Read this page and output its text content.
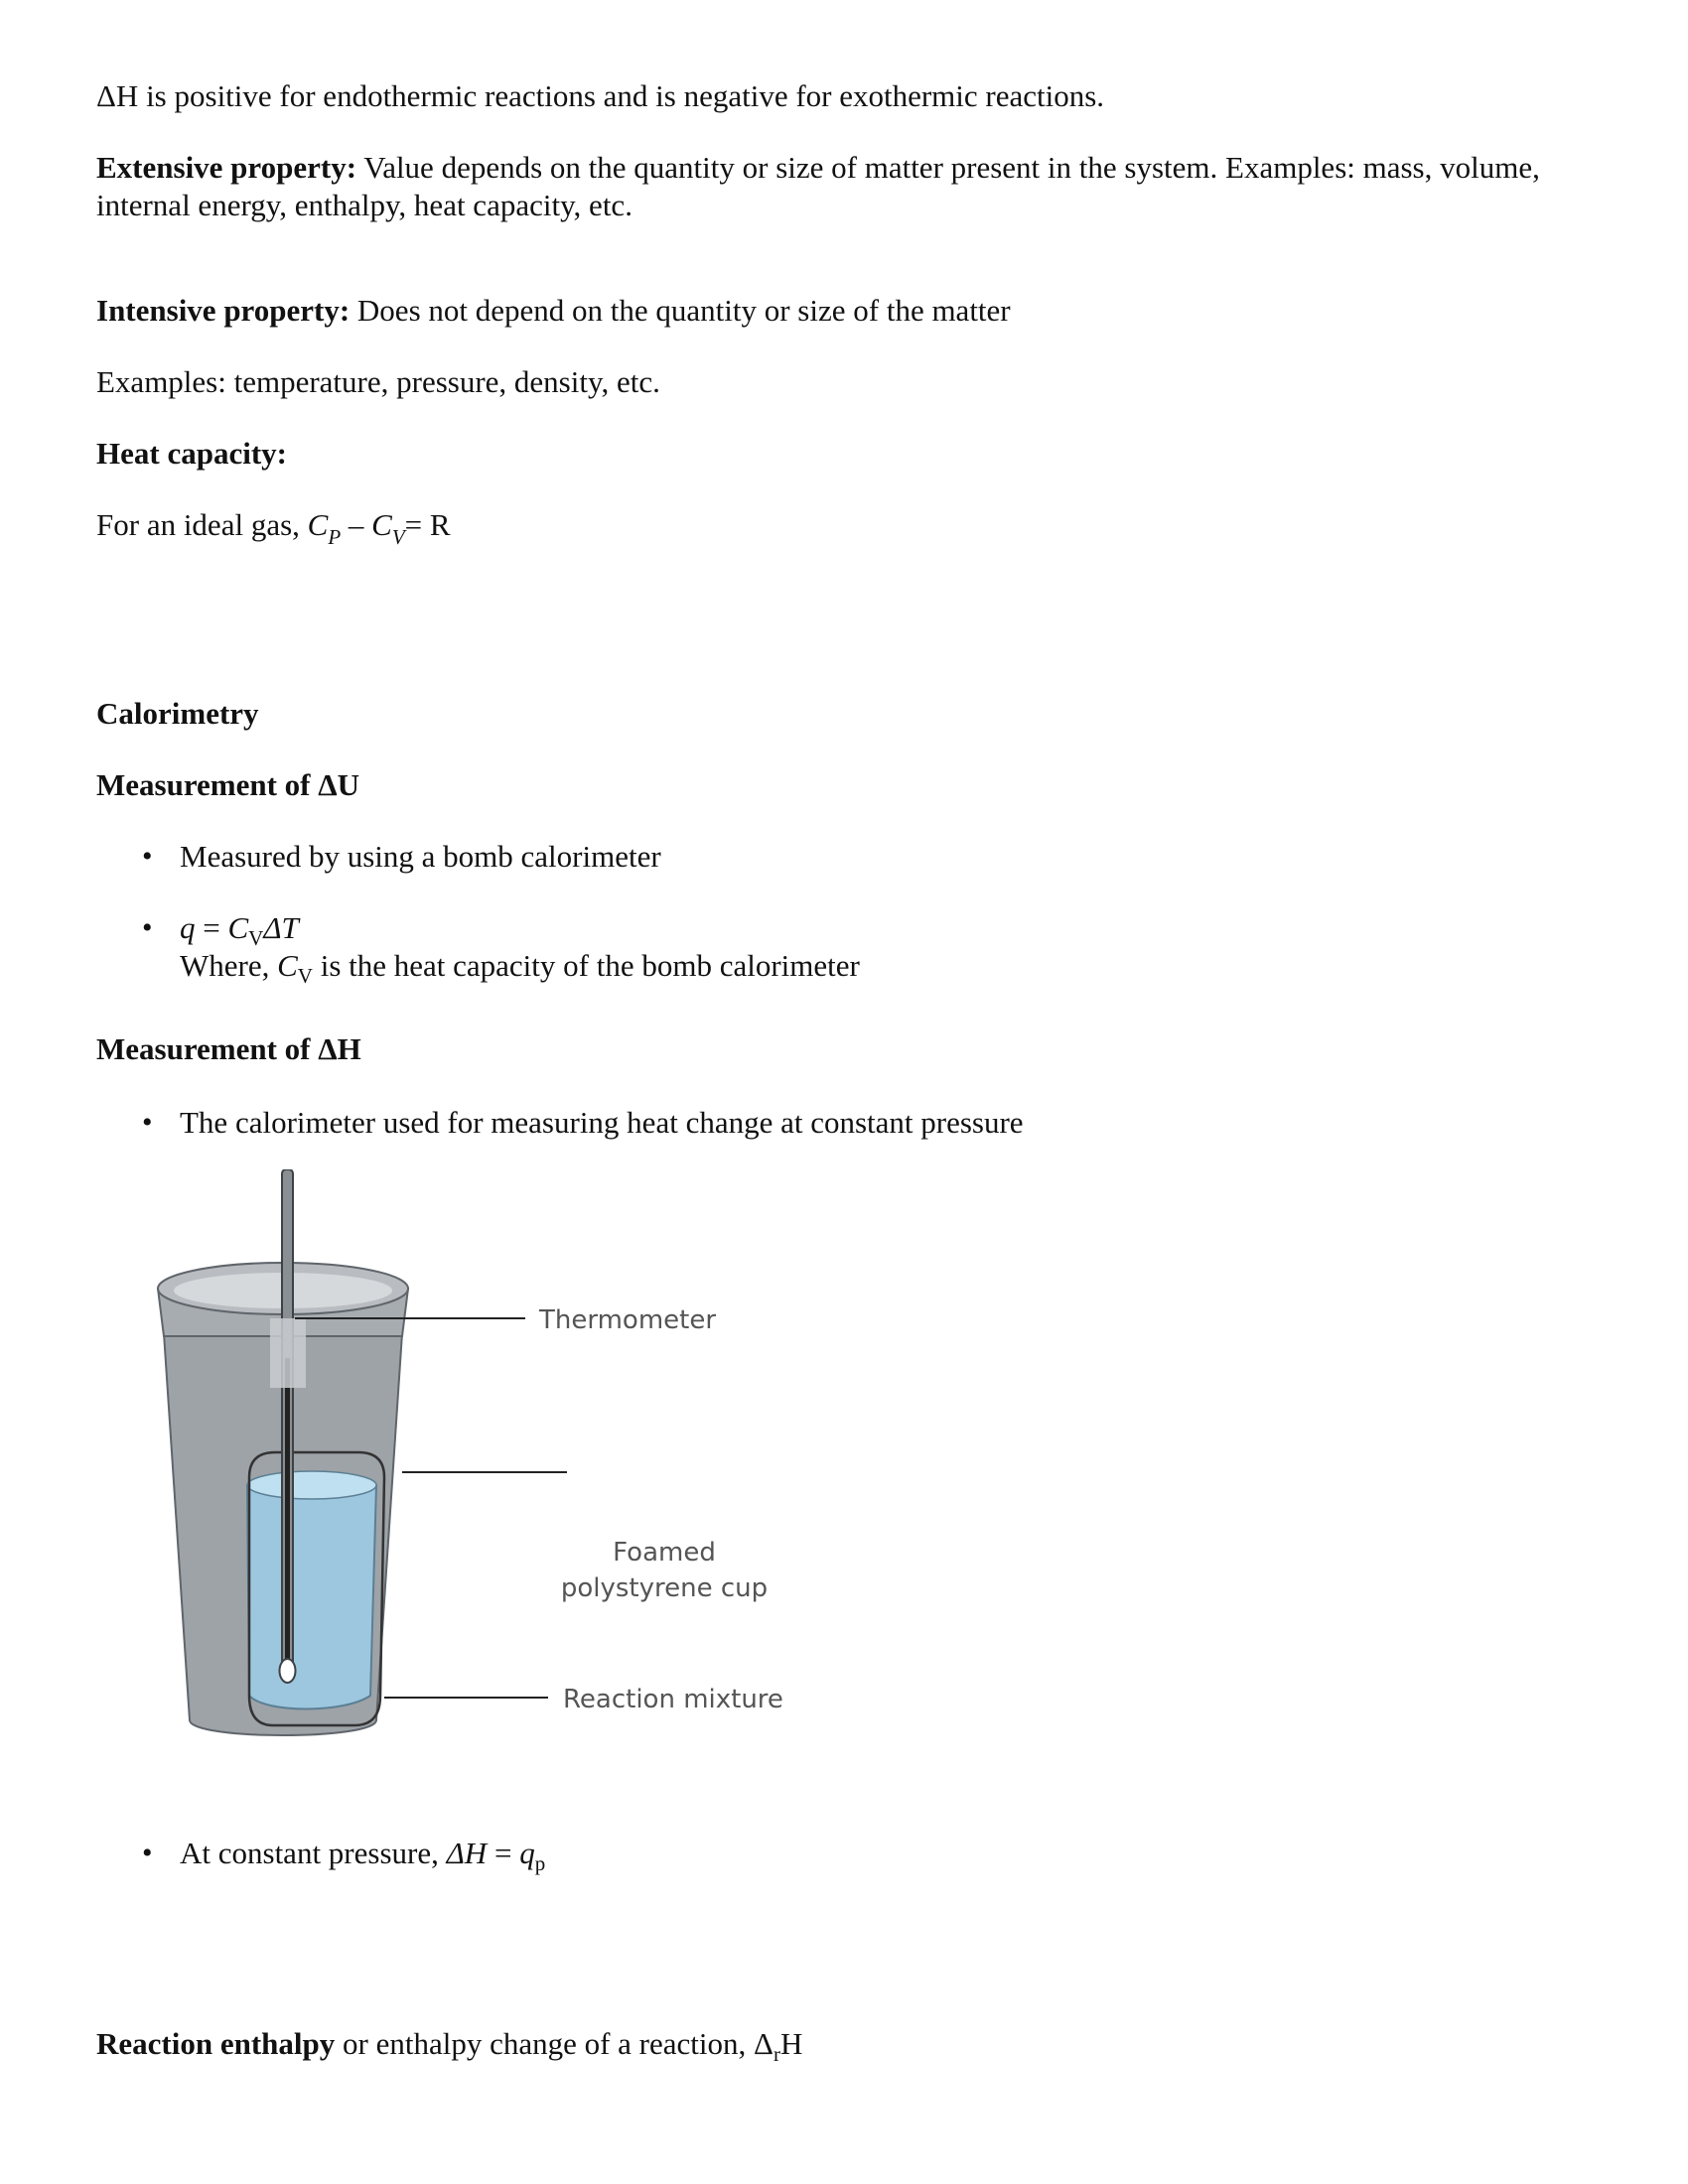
ΔH is positive for endothermic reactions and is negative for exothermic reactions.

Extensive property: Value depends on the quantity or size of matter present in the system. Examples: mass, volume, internal energy, enthalpy, heat capacity, etc.

Intensive property: Does not depend on the quantity or size of the matter

Examples: temperature, pressure, density, etc.

Heat capacity:

For an ideal gas, $C_P - C_V= R$

Calorimetry

Measurement of ΔU

• Measured by using a bomb calorimeter
• $q = C_V\Delta T$
Where, $C_V$ is the heat capacity of the bomb calorimeter

Measurement of ΔH

• The calorimeter used for measuring heat change at constant pressure
Thermometer
Foamed
polystyrene cup
Reaction mixture
• At constant pressure, $\Delta H = q_p$

Reaction enthalpy or enthalpy change of a reaction, $\Delta_rH$
